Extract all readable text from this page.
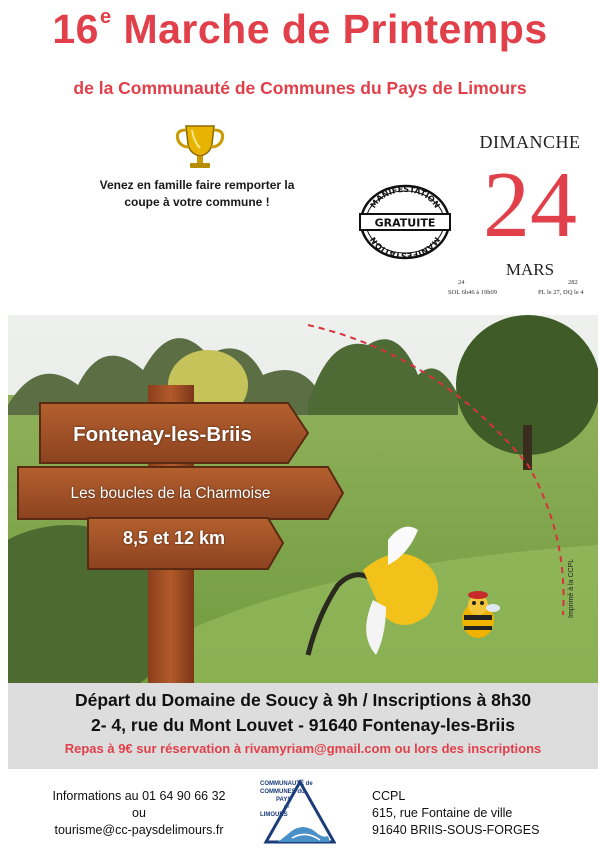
16e Marche de Printemps
de la Communauté de Communes du Pays de Limours
Venez en famille faire remporter la
coupe à votre commune !	MANIFESTATION
GRATUITE
MANIFESTATION
DIMANCHE
24
24
SOL 6h46 à 19h09
MARS
282
PL le 27, DQ le 4
Fontenay-les-Briis
Les boucles de la Charmoise
8,5 et 12 km
Imprimé à la CCPL
Départ du Domaine de Soucy à 9h / Inscriptions à 8h30
2- 4, rue du Mont Louvet - 91640 Fontenay-les-Briis
Repas à 9€ sur réservation à rivamyriam@gmail.com ou lors des inscriptions
Informations au 01 64 90 66 32
ou
tourisme@cc-paysdelimours.fr
COMMUNAUTÉ de
COMMUNES du
PAYS
de
LIMOURS
CCPL
615, rue Fontaine de ville
91640 BRIIS-SOUS-FORGES
